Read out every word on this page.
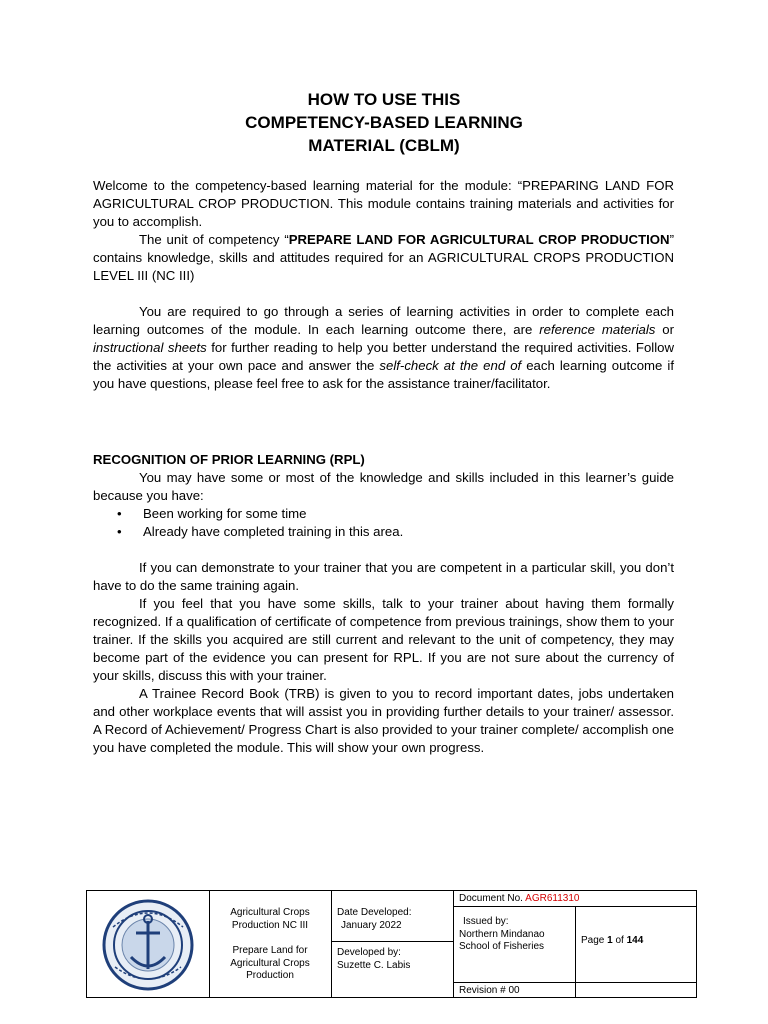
HOW TO USE THIS
COMPETENCY-BASED LEARNING
MATERIAL (CBLM)

Welcome to the competency-based learning material for the module: “PREPARING LAND FOR AGRICULTURAL CROP PRODUCTION. This module contains training materials and activities for you to accomplish.

The unit of competency “PREPARE LAND FOR AGRICULTURAL CROP PRODUCTION” contains knowledge, skills and attitudes required for an AGRICULTURAL CROPS PRODUCTION LEVEL III (NC III)

You are required to go through a series of learning activities in order to complete each learning outcomes of the module. In each learning outcome there, are reference materials or instructional sheets for further reading to help you better understand the required activities. Follow the activities at your own pace and answer the self-check at the end of each learning outcome if you have questions, please feel free to ask for the assistance trainer/facilitator.

RECOGNITION OF PRIOR LEARNING (RPL)

You may have some or most of the knowledge and skills included in this learner’s guide because you have:

• Been working for some time
• Already have completed training in this area.

If you can demonstrate to your trainer that you are competent in a particular skill, you don’t have to do the same training again.

If you feel that you have some skills, talk to your trainer about having them formally recognized. If a qualification of certificate of competence from previous trainings, show them to your trainer. If the skills you acquired are still current and relevant to the unit of competency, they may become part of the evidence you can present for RPL. If you are not sure about the currency of your skills, discuss this with your trainer.

A Trainee Record Book (TRB) is given to you to record important dates, jobs undertaken and other workplace events that will assist you in providing further details to your trainer/ assessor. A Record of Achievement/ Progress Chart is also provided to your trainer complete/ accomplish one you have completed the module. This will show your own progress.

Agricultural Crops
Production NC III
Prepare Land for
Agricultural Crops
Production
Date Developed:
January 2022
Developed by:
Suzette C. Labis
Document No. AGR611310
Issued by:
Northern Mindanao
School of Fisheries
Page 1 of 144
Revision # 00
